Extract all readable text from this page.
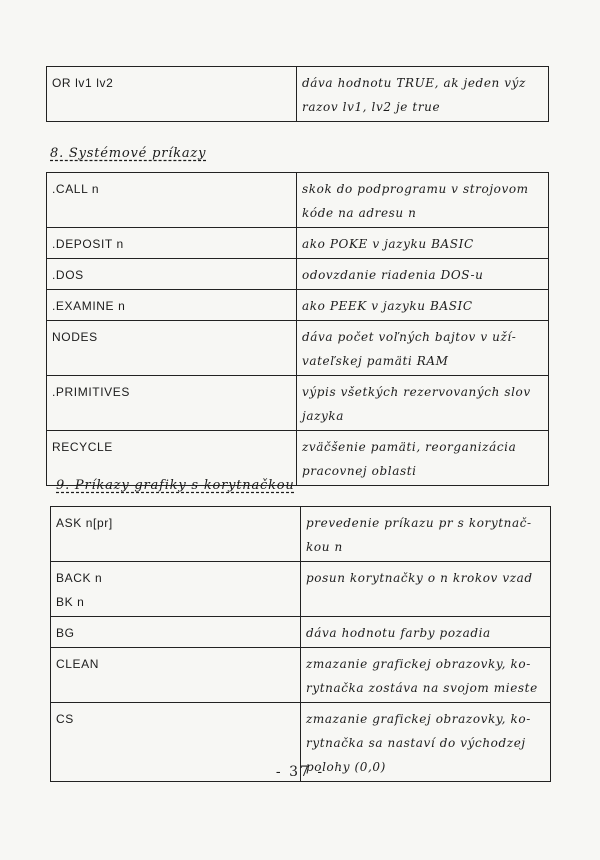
OR lv1 lv2	dáva hodnotu TRUE, ak jeden výz
razov lv1, lv2 je true
8. Systémové príkazy
.CALL n	skok do podprogramu v strojovom
kóde na adresu n

.DEPOSIT n	ako POKE v jazyku BASIC

.DOS	odovzdanie riadenia DOS-u

.EXAMINE n	ako PEEK v jazyku BASIC

NODES	dáva počet voľných bajtov v uží-
vateľskej pamäti RAM

.PRIMITIVES	výpis všetkých rezervovaných slov
jazyka

RECYCLE	zväčšenie pamäti, reorganizácia
pracovnej oblasti
9. Príkazy grafiky s korytnačkou
ASK n[pr]	prevedenie príkazu pr s korytnač-
kou n

BACK n
BK n	posun korytnačky o n krokov vzad

BG	dáva hodnotu farby pozadia

CLEAN	zmazanie grafickej obrazovky, ko-
rytnačka zostáva na svojom mieste

CS	zmazanie grafickej obrazovky, ko-
rytnačka sa nastaví do východzej
polohy (0,0)
- 37 -
